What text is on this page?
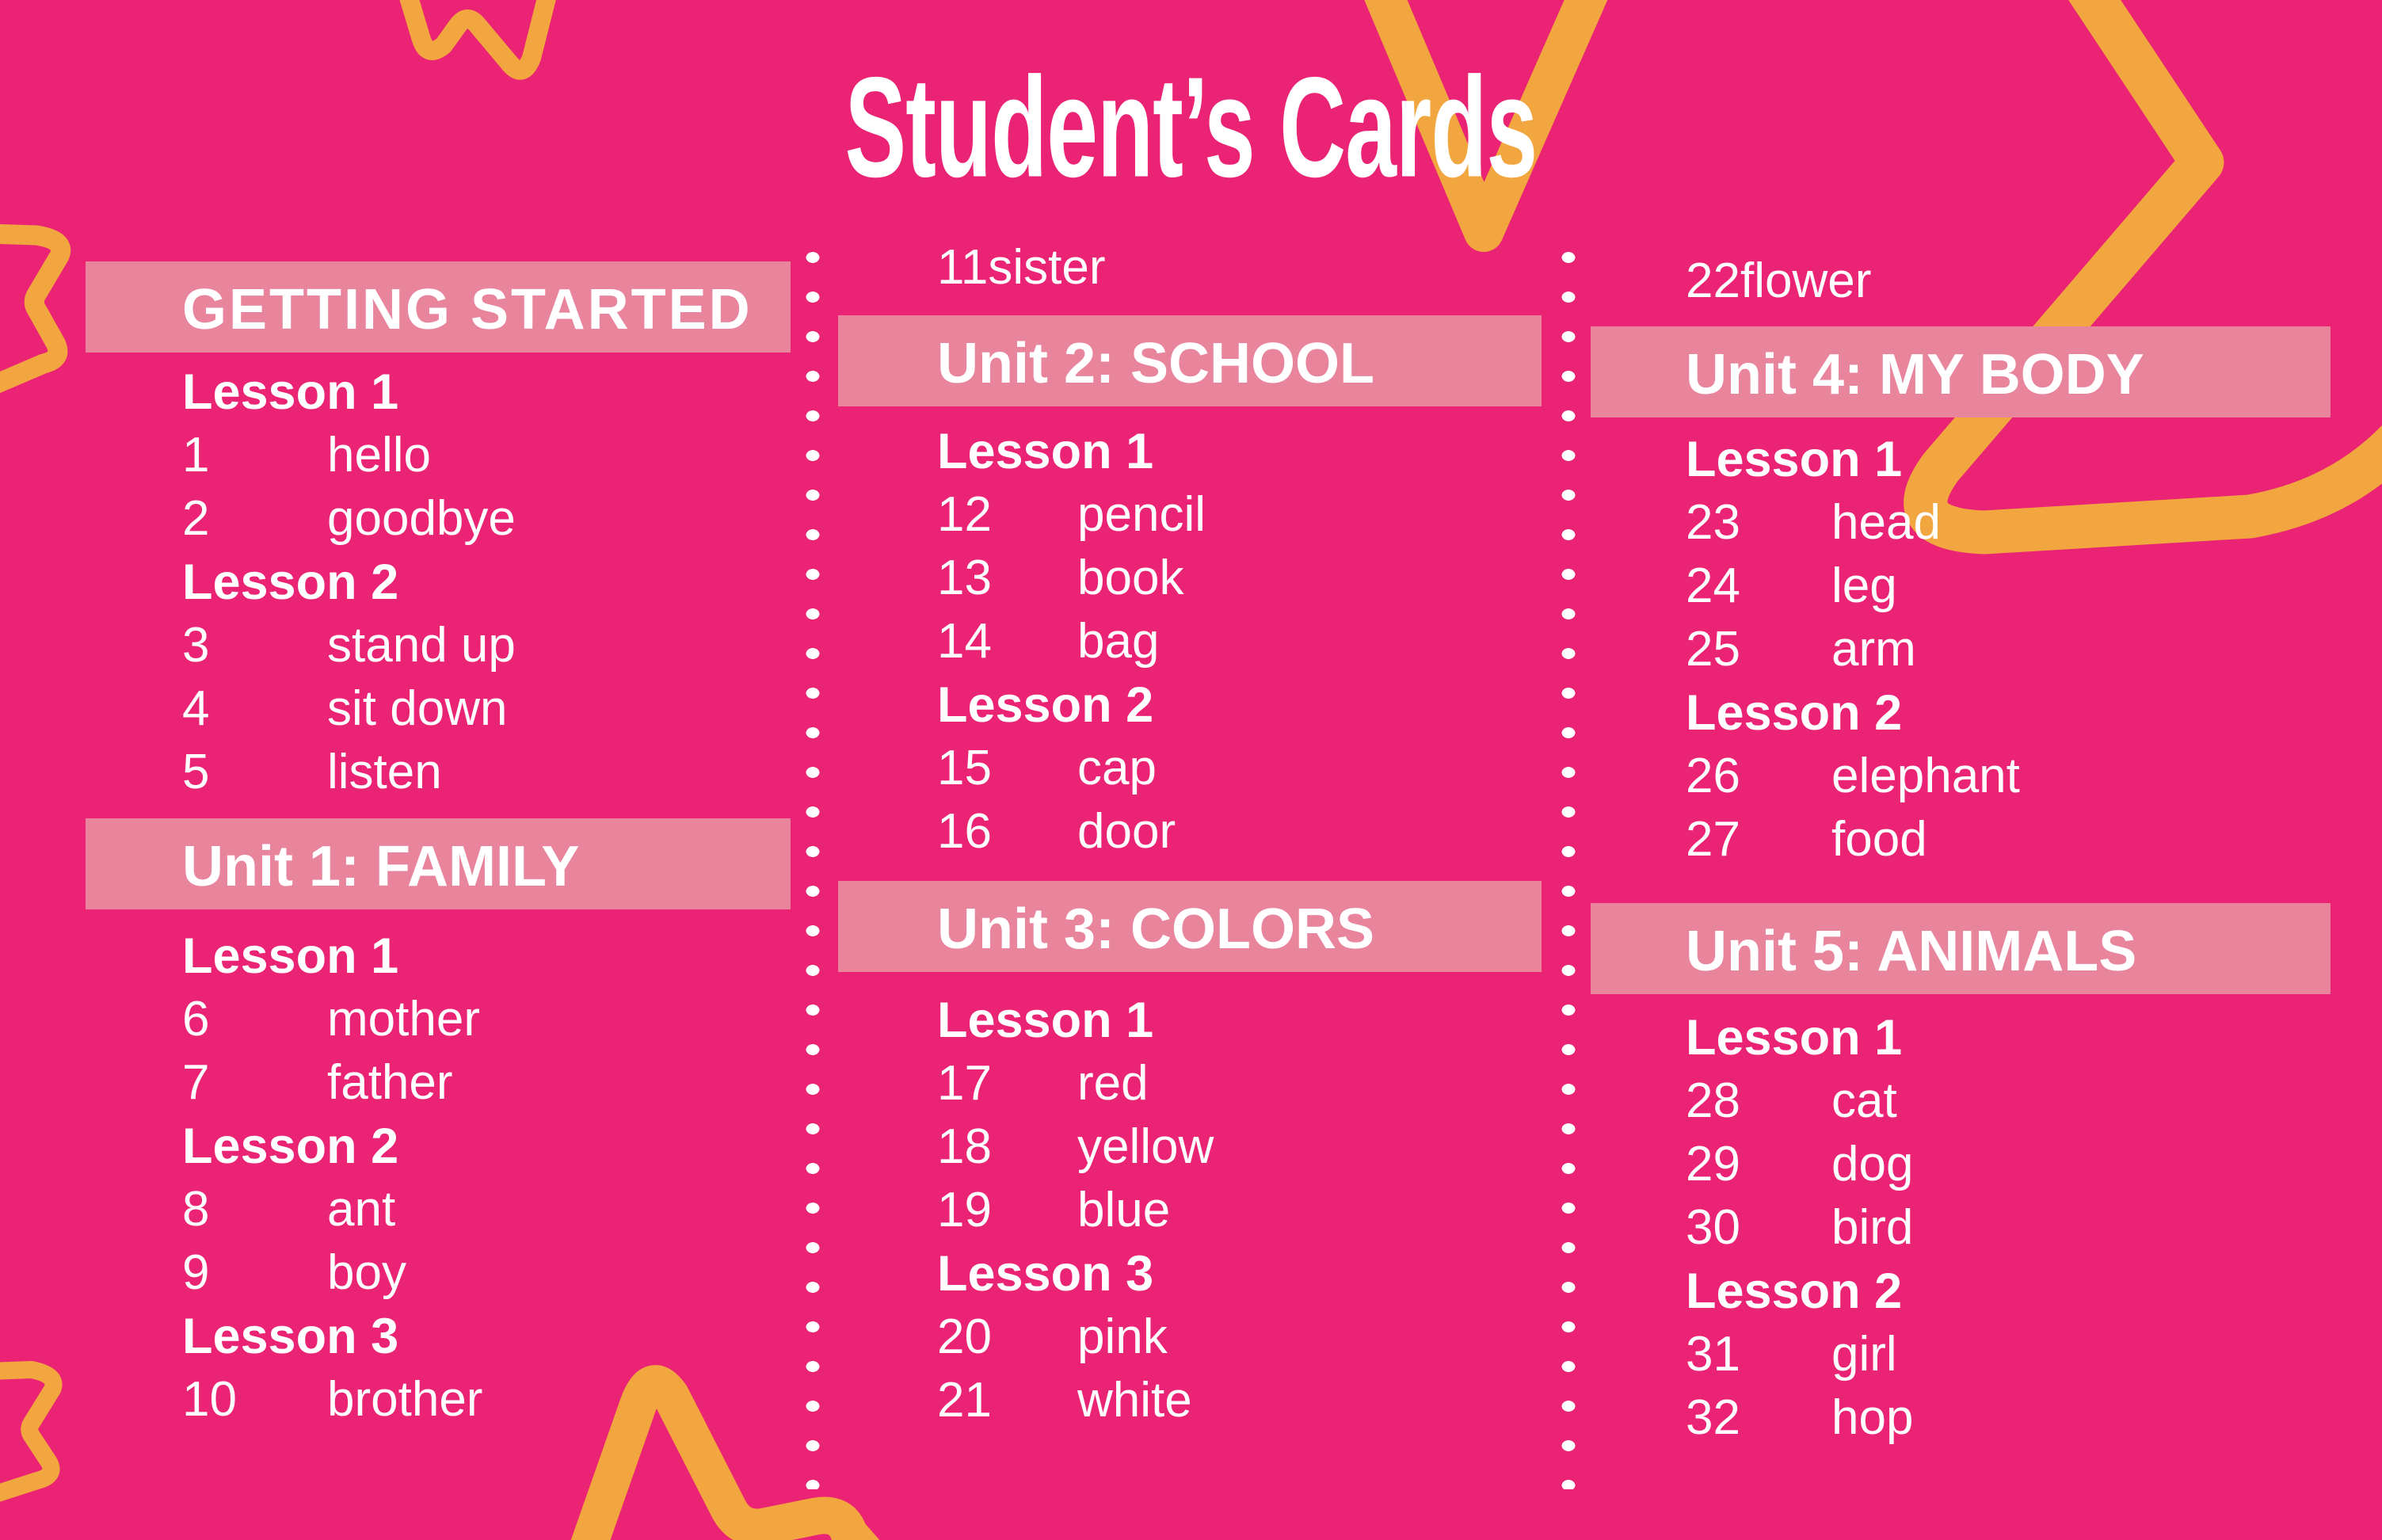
Student’s Cards
GETTING STARTED
Lesson 1
1 hello
2 goodbye
Lesson 2
3 stand up
4 sit down
5 listen
Unit 1: FAMILY
Lesson 1
6 mother
7 father
Lesson 2
8 ant
9 boy
Lesson 3
10 brother
11sister
Unit 2: SCHOOL
Lesson 1
12 pencil
13 book
14 bag
Lesson 2
15 cap
16 door
Unit 3: COLORS
Lesson 1
17 red
18 yellow
19 blue
Lesson 3
20 pink
21 white
22flower
Unit 4: MY BODY
Lesson 1
23 head
24 leg
25 arm
Lesson 2
26 elephant
27 food
Unit 5: ANIMALS
Lesson 1
28 cat
29 dog
30 bird
Lesson 2
31 girl
32 hop
